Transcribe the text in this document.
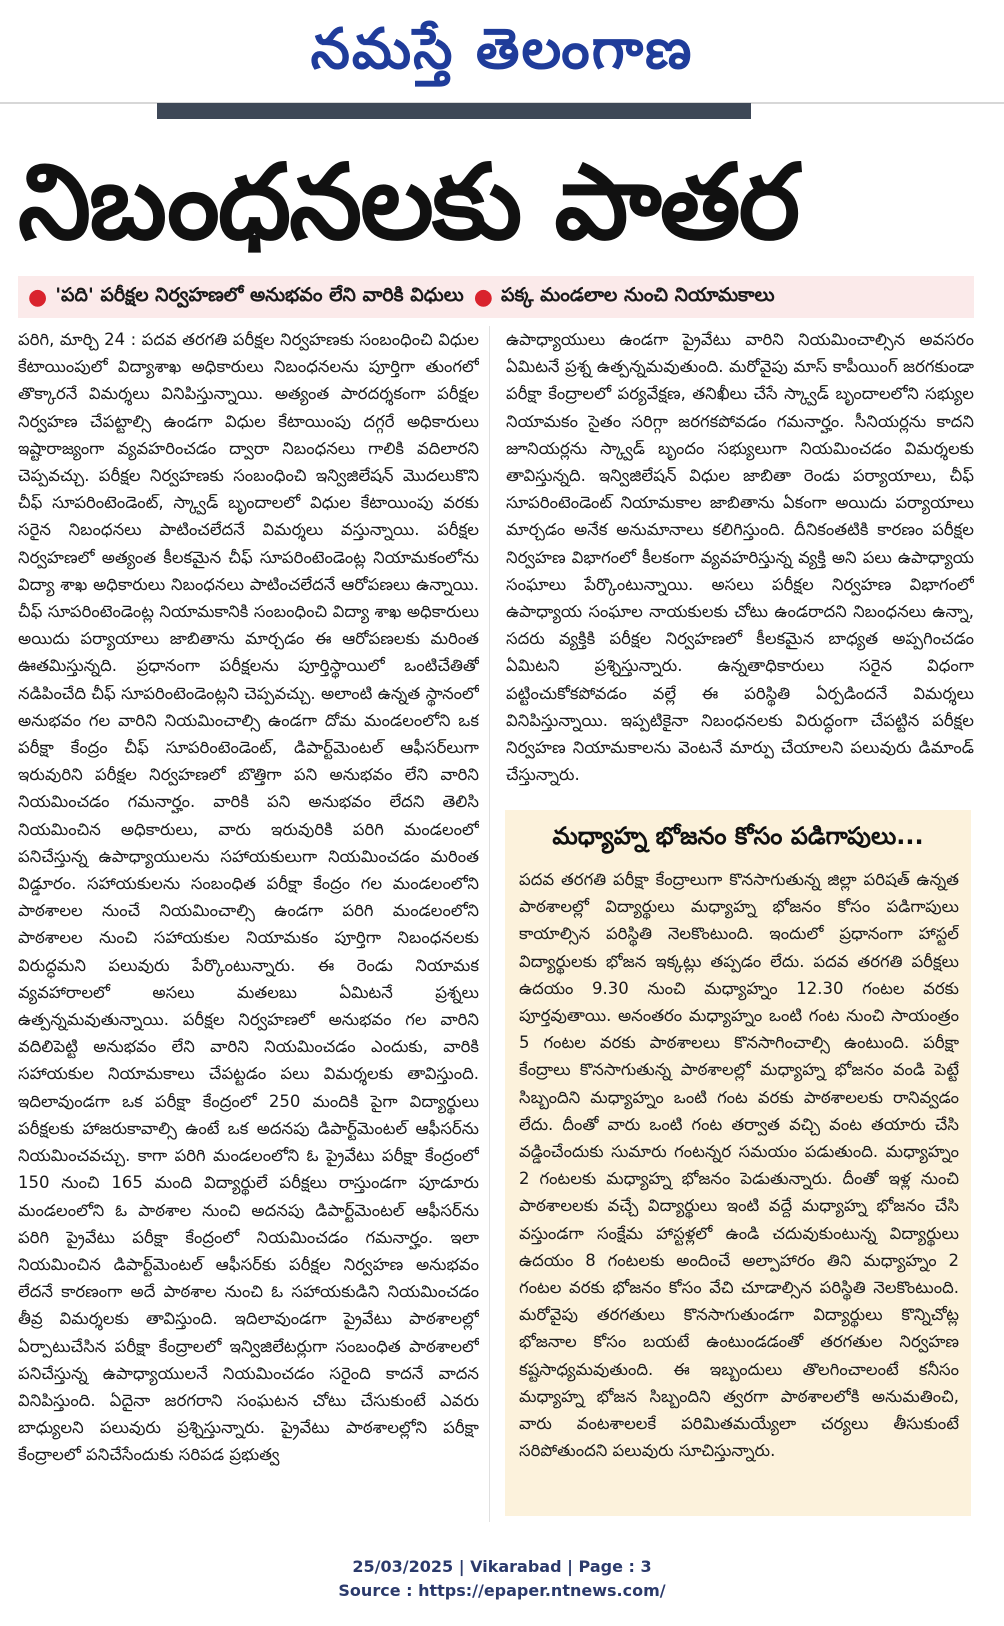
నమస్తే తెలంగాణ
నిబంధనలకు పాతర
● 'పది' పరీక్షల నిర్వహణలో అనుభవం లేని వారికి విధులు ● పక్క మండలాల నుంచి నియామకాలు
పరిగి, మార్చి 24 : పదవ తరగతి పరీక్షల నిర్వహణకు సంబంధించి విధుల కేటాయింపులో విద్యాశాఖ అధికారులు నిబంధనలను పూర్తిగా తుంగలో తొక్కారనే విమర్శలు వినిపిస్తున్నాయి. అత్యంత పారదర్శకంగా పరీక్షల నిర్వహణ చేపట్టాల్సి ఉండగా విధుల కేటాయింపు దగ్గరే అధికారులు ఇష్టారాజ్యంగా వ్యవహరించడం ద్వారా నిబంధనలు గాలికి వదిలారని చెప్పవచ్చు. పరీక్షల నిర్వహణకు సంబంధించి ఇన్విజిలేషన్ మొదలుకొని చీఫ్ సూపరింటెండెంట్, స్క్వాడ్ బృందాలలో విధుల కేటాయింపు వరకు సరైన నిబంధనలు పాటించలేదనే విమర్శలు వస్తున్నాయి. పరీక్షల నిర్వహణలో అత్యంత కీలకమైన చీఫ్ సూపరింటెండెంట్ల నియామకంలోను విద్యా శాఖ అధికారులు నిబంధనలు పాటించలేదనే ఆరోపణలు ఉన్నాయి. చీఫ్ సూపరింటెండెంట్ల నియామకానికి సంబంధించి విద్యా శాఖ అధికారులు అయిదు పర్యాయాలు జాబితాను మార్చడం ఈ ఆరోపణలకు మరింత ఊతమిస్తున్నది. ప్రధానంగా పరీక్షలను పూర్తిస్థాయిలో ఒంటిచేతితో నడిపించేది చీఫ్ సూపరింటెండెంట్లని చెప్పవచ్చు. అలాంటి ఉన్నత స్థానంలో అనుభవం గల వారిని నియమించాల్సి ఉండగా దోమ మండలంలోని ఒక పరీక్షా కేంద్రం చీఫ్ సూపరింటెండెంట్, డిపార్ట్‌మెంటల్ ఆఫీసర్‌లుగా ఇరువురిని పరీక్షల నిర్వహణలో బొత్తిగా పని అనుభవం లేని వారిని నియమించడం గమనార్హం. వారికి పని అనుభవం లేదని తెలిసి నియమించిన అధికారులు, వారు ఇరువురికి పరిగి మండలంలో పనిచేస్తున్న ఉపాధ్యాయులను సహాయకులుగా నియమించడం మరింత విడ్డూరం. సహాయకులను సంబంధిత పరీక్షా కేంద్రం గల మండలంలోని పాఠశాలల నుంచే నియమించాల్సి ఉండగా పరిగి మండలంలోని పాఠశాలల నుంచి సహాయకుల నియామకం పూర్తిగా నిబంధనలకు విరుద్ధమని పలువురు పేర్కొంటున్నారు. ఈ రెండు నియామక వ్యవహారాలలో అసలు మతలబు ఏమిటనే ప్రశ్నలు ఉత్పన్నమవుతున్నాయి. పరీక్షల నిర్వహణలో అనుభవం గల వారిని వదిలిపెట్టి అనుభవం లేని వారిని నియమించడం ఎందుకు, వారికి సహాయకుల నియామకాలు చేపట్టడం పలు విమర్శలకు తావిస్తుంది. ఇదిలావుండగా ఒక పరీక్షా కేంద్రంలో 250 మందికి పైగా విద్యార్థులు పరీక్షలకు హాజరుకావాల్సి ఉంటే ఒక అదనపు డిపార్ట్‌మెంటల్ ఆఫీసర్‌ను నియమించవచ్చు. కాగా పరిగి మండలంలోని ఓ ప్రైవేటు పరీక్షా కేంద్రంలో 150 నుంచి 165 మంది విద్యార్థులే పరీక్షలు రాస్తుండగా పూడూరు మండలంలోని ఓ పాఠశాల నుంచి అదనపు డిపార్ట్‌మెంటల్ ఆఫీసర్‌ను పరిగి ప్రైవేటు పరీక్షా కేంద్రంలో నియమించడం గమనార్హం. ఇలా నియమించిన డిపార్ట్‌మెంటల్ ఆఫీసర్‌కు పరీక్షల నిర్వహణ అనుభవం లేదనే కారణంగా అదే పాఠశాల నుంచి ఓ సహాయకుడిని నియమించడం తీవ్ర విమర్శలకు తావిస్తుంది. ఇదిలావుండగా ప్రైవేటు పాఠశాలల్లో ఏర్పాటుచేసిన పరీక్షా కేంద్రాలలో ఇన్విజిలేటర్లుగా సంబంధిత పాఠశాలలో పనిచేస్తున్న ఉపాధ్యాయులనే నియమించడం సరైంది కాదనే వాదన వినిపిస్తుంది. ఏదైనా జరగరాని సంఘటన చోటు చేసుకుంటే ఎవరు బాధ్యులని పలువురు ప్రశ్నిస్తున్నారు. ప్రైవేటు పాఠశాలల్లోని పరీక్షా కేంద్రాలలో పనిచేసేందుకు సరిపడ ప్రభుత్వ
ఉపాధ్యాయులు ఉండగా ప్రైవేటు వారిని నియమించాల్సిన అవసరం ఏమిటనే ప్రశ్న ఉత్పన్నమవుతుంది. మరోవైపు మాస్ కాపీయింగ్ జరగకుండా పరీక్షా కేంద్రాలలో పర్యవేక్షణ, తనిఖీలు చేసే స్క్వాడ్ బృందాలలోని సభ్యుల నియామకం సైతం సరిగ్గా జరగకపోవడం గమనార్హం. సీనియర్లను కాదని జూనియర్లను స్క్వాడ్ బృందం సభ్యులుగా నియమించడం విమర్శలకు తావిస్తున్నది. ఇన్విజిలేషన్ విధుల జాబితా రెండు పర్యాయాలు, చీఫ్ సూపరింటెండెంట్ నియామకాల జాబితాను ఏకంగా అయిదు పర్యాయాలు మార్చడం అనేక అనుమానాలు కలిగిస్తుంది. దీనికంతటికి కారణం పరీక్షల నిర్వహణ విభాగంలో కీలకంగా వ్యవహరిస్తున్న వ్యక్తి అని పలు ఉపాధ్యాయ సంఘాలు పేర్కొంటున్నాయి. అసలు పరీక్షల నిర్వహణ విభాగంలో ఉపాధ్యాయ సంఘాల నాయకులకు చోటు ఉండరాదని నిబంధనలు ఉన్నా, సదరు వ్యక్తికి పరీక్షల నిర్వహణలో కీలకమైన బాధ్యత అప్పగించడం ఏమిటని ప్రశ్నిస్తున్నారు. ఉన్నతాధికారులు సరైన విధంగా పట్టించుకోకపోవడం వల్లే ఈ పరిస్థితి ఏర్పడిందనే విమర్శలు వినిపిస్తున్నాయి. ఇప్పటికైనా నిబంధనలకు విరుద్ధంగా చేపట్టిన పరీక్షల నిర్వహణ నియామకాలను వెంటనే మార్పు చేయాలని పలువురు డిమాండ్ చేస్తున్నారు.
మధ్యాహ్న భోజనం కోసం పడిగాపులు...
పదవ తరగతి పరీక్షా కేంద్రాలుగా కొనసాగుతున్న జిల్లా పరిషత్ ఉన్నత పాఠశాలల్లో విద్యార్థులు మధ్యాహ్న భోజనం కోసం పడిగాపులు కాయాల్సిన పరిస్థితి నెలకొంటుంది. ఇందులో ప్రధానంగా హాస్టల్ విద్యార్థులకు భోజన ఇక్కట్లు తప్పడం లేదు. పదవ తరగతి పరీక్షలు ఉదయం 9.30 నుంచి మధ్యాహ్నం 12.30 గంటల వరకు పూర్తవుతాయి. అనంతరం మధ్యాహ్నం ఒంటి గంట నుంచి సాయంత్రం 5 గంటల వరకు పాఠశాలలు కొనసాగించాల్సి ఉంటుంది. పరీక్షా కేంద్రాలు కొనసాగుతున్న పాఠశాలల్లో మధ్యాహ్న భోజనం వండి పెట్టే సిబ్బందిని మధ్యాహ్నం ఒంటి గంట వరకు పాఠశాలలకు రానివ్వడం లేదు. దీంతో వారు ఒంటి గంట తర్వాత వచ్చి వంట తయారు చేసి వడ్డించేందుకు సుమారు గంటన్నర సమయం పడుతుంది. మధ్యాహ్నం 2 గంటలకు మధ్యాహ్న భోజనం పెడుతున్నారు. దీంతో ఇళ్ల నుంచి పాఠశాలలకు వచ్చే విద్యార్థులు ఇంటి వద్దే మధ్యాహ్న భోజనం చేసి వస్తుండగా సంక్షేమ హాస్టళ్లలో ఉండి చదువుకుంటున్న విద్యార్థులు ఉదయం 8 గంటలకు అందించే అల్పాహారం తిని మధ్యాహ్నం 2 గంటల వరకు భోజనం కోసం వేచి చూడాల్సిన పరిస్థితి నెలకొంటుంది. మరోవైపు తరగతులు కొనసాగుతుండగా విద్యార్థులు కొన్నిచోట్ల భోజనాల కోసం బయటే ఉంటుండడంతో తరగతుల నిర్వహణ కష్టసాధ్యమవుతుంది. ఈ ఇబ్బందులు తొలగించాలంటే కనీసం మధ్యాహ్న భోజన సిబ్బందిని త్వరగా పాఠశాలలోకి అనుమతించి, వారు వంటశాలలకే పరిమితమయ్యేలా చర్యలు తీసుకుంటే సరిపోతుందని పలువురు సూచిస్తున్నారు.
25/03/2025 | Vikarabad | Page : 3
Source : https://epaper.ntnews.com/
